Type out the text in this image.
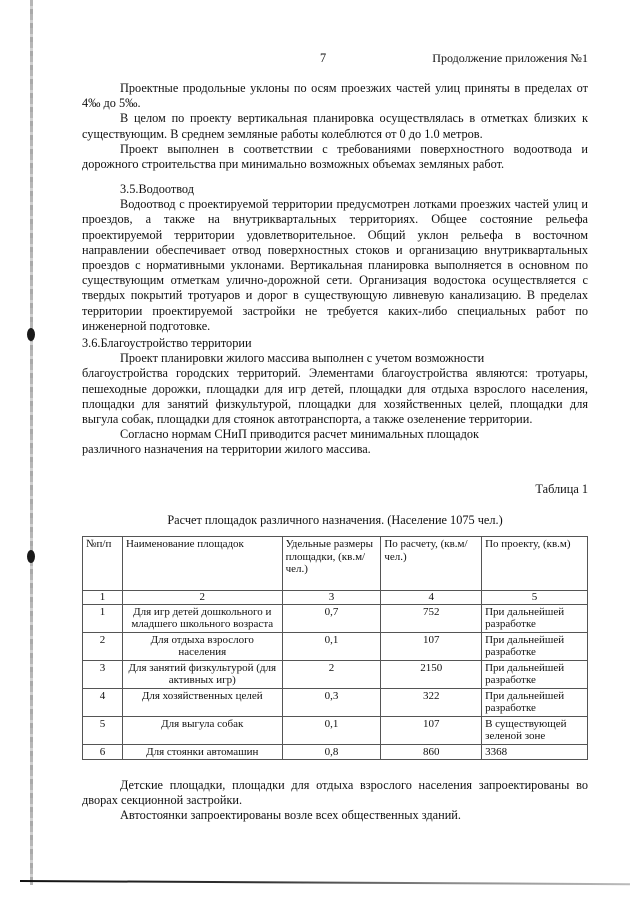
7	Продолжение приложения №1

Проектные продольные уклоны по осям проезжих частей улиц приняты в пределах от 4‰ до 5‰.

В целом по проекту вертикальная планировка осуществлялась в отметках близких к существующим. В среднем земляные работы колеблются от 0 до 1.0 метров.

Проект выполнен в соответствии с требованиями поверхностного водоотвода и дорожного строительства при минимально возможных объемах земляных работ.

3.5.Водоотвод

Водоотвод с проектируемой территории предусмотрен лотками проезжих частей улиц и проездов, а также на внутриквартальных территориях. Общее состояние рельефа проектируемой территории удовлетворительное. Общий уклон рельефа в восточном направлении обеспечивает отвод поверхностных стоков и организацию внутриквартальных проездов с нормативными уклонами. Вертикальная планировка выполняется в основном по существующим отметкам улично-дорожной сети. Организация водостока осуществляется с твердых покрытий тротуаров и дорог в существующую ливневую канализацию. В пределах территории проектируемой застройки не требуется каких-либо специальных работ по инженерной подготовке.

3.6.Благоустройство территории

Проект планировки жилого массива выполнен с учетом возможности

благоустройства городских территорий. Элементами благоустройства являются: тротуары, пешеходные дорожки, площадки для игр детей, площадки для отдыха взрослого населения, площадки для занятий физкультурой, площадки для хозяйственных целей, площадки для выгула собак, площадки для стоянок автотранспорта, а также озеленение территории.

Согласно нормам СНиП приводится расчет минимальных площадок

различного назначения на территории жилого массива.

Таблица 1
Расчет площадок различного назначения. (Население 1075 чел.)
№п/п	Наименование площадок	Удельные размеры площадки, (кв.м/чел.)	По расчету, (кв.м/чел.)	По проекту, (кв.м)
1	2	3	4	5
1	Для игр детей дошкольного и младшего школьного возраста	0,7	752	При дальнейшей разработке
2	Для отдыха взрослого населения	0,1	107	При дальнейшей разработке
3	Для занятий физкультурой (для активных игр)	2	2150	При дальнейшей разработке
4	Для хозяйственных целей	0,3	322	При дальнейшей разработке
5	Для выгула собак	0,1	107	В существующей зеленой зоне
6	Для стоянки автомашин	0,8	860	3368

Детские площадки, площадки для отдыха взрослого населения запроектированы во дворах секционной застройки.

Автостоянки запроектированы возле всех общественных зданий.
